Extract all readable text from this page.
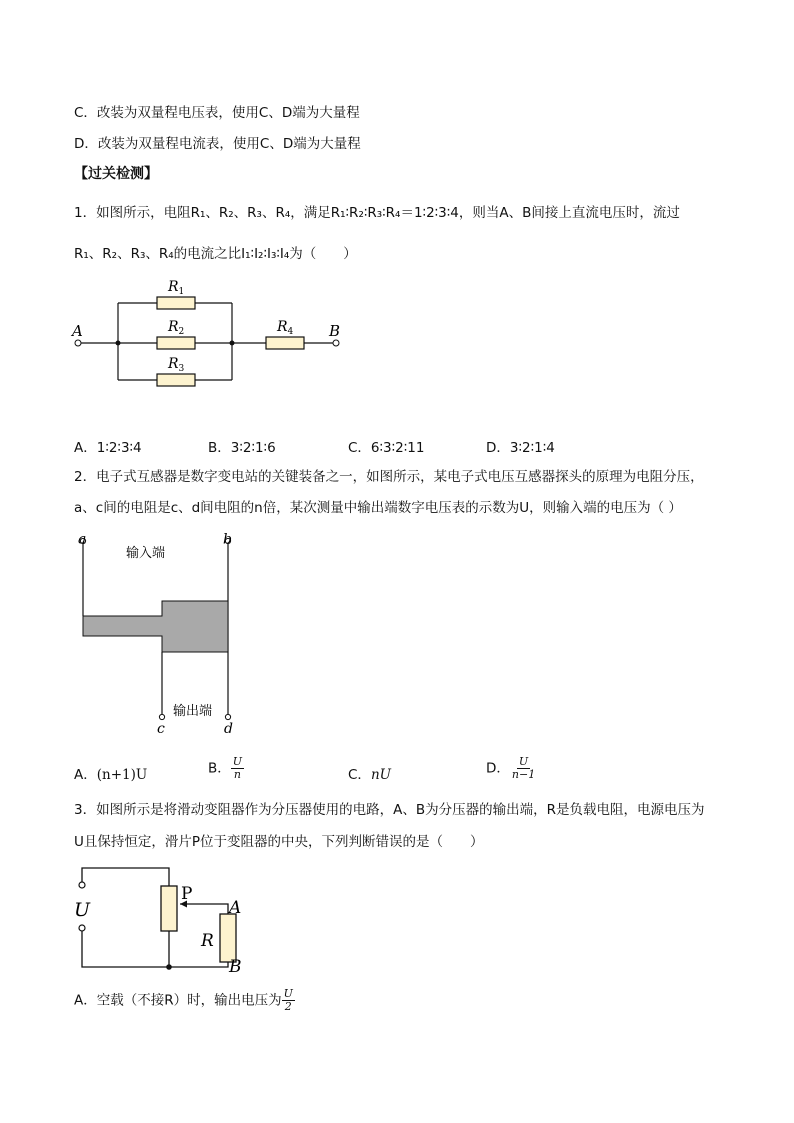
C．改装为双量程电压表，使用C、D端为大量程
D．改装为双量程电流表，使用C、D端为大量程
【过关检测】
1．如图所示，电阻R₁、R₂、R₃、R₄，满足R₁∶R₂∶R₃∶R₄＝1∶2∶3∶4，则当A、B间接上直流电压时，流过
R₁、R₂、R₃、R₄的电流之比I₁∶I₂∶I₃∶I₄为（　　）
$R_1$
$R_2$
$R_3$
$R_4$
A	B
A．1∶2∶3∶4	B．3∶2∶1∶6	C．6∶3∶2∶11	D．3∶2∶1∶4
2．电子式互感器是数字变电站的关键装备之一，如图所示，某电子式电压互感器探头的原理为电阻分压，
a、c间的电阻是c、d间电阻的n倍，某次测量中输出端数字电压表的示数为U，则输入端的电压为（ ）
a	b
c	d
输入端
输出端
A．(n+1)U	B． $\frac{U}{n}$	C．nU	D． $\frac{U}{n-1}$
3．如图所示是将滑动变阻器作为分压器使用的电路，A、B为分压器的输出端，R是负载电阻，电源电压为
U且保持恒定，滑片P位于变阻器的中央，下列判断错误的是（　　）
U
P
A
R
B
A．空载（不接R）时，输出电压为 $\frac{U}{2}$
